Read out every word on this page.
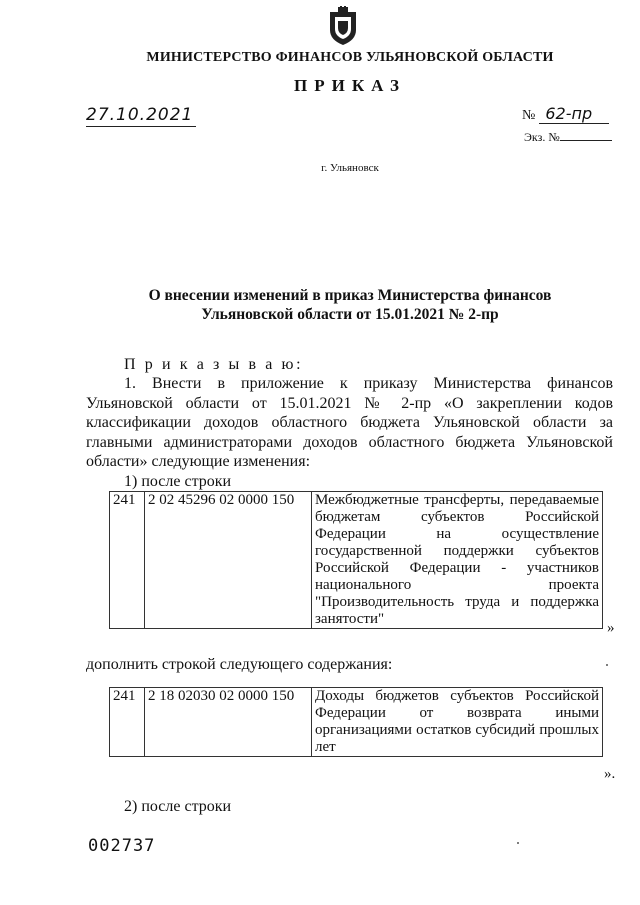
МИНИСТЕРСТВО ФИНАНСОВ УЛЬЯНОВСКОЙ ОБЛАСТИ
ПРИКАЗ
27.10.2021	№ 62-пр
Экз. №
г. Ульяновск
О внесении изменений в приказ Министерства финансов
Ульяновской области от 15.01.2021 № 2-пр
П р и к а з ы в а ю:
1. Внести в приложение к приказу Министерства финансов Ульяновской области от 15.01.2021 № 2-пр «О закреплении кодов классификации доходов областного бюджета Ульяновской области за главными администраторами доходов областного бюджета Ульяновской области» следующие изменения:
1) после строки
241	2 02 45296 02 0000 150	Межбюджетные трансферты, передаваемые бюджетам субъектов Российской Федерации на осуществление государственной поддержки субъектов Российской Федерации - участников национального проекта "Производительность труда и поддержка занятости"
»
дополнить строкой следующего содержания:
241	2 18 02030 02 0000 150	Доходы бюджетов субъектов Российской Федерации от возврата иными организациями остатков субсидий прошлых лет
».
2) после строки
002737
